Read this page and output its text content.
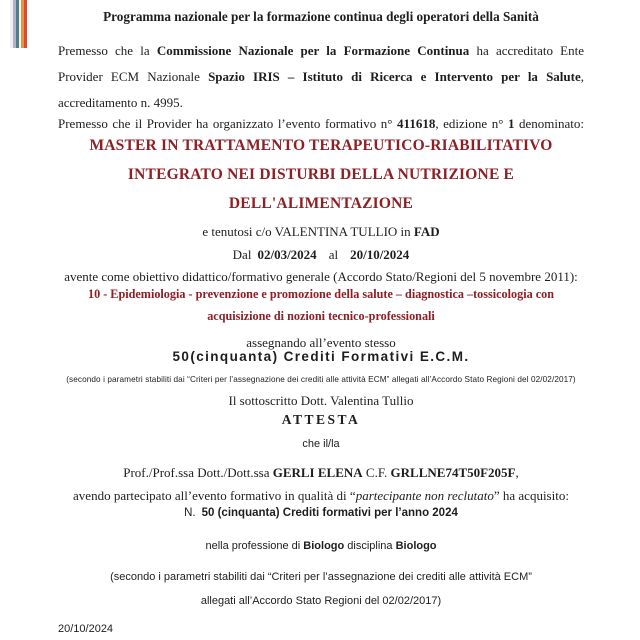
Programma nazionale per la formazione continua degli operatori della Sanità
Premesso che la Commissione Nazionale per la Formazione Continua ha accreditato Ente
Provider ECM Nazionale Spazio IRIS – Istituto di Ricerca e Intervento per la Salute,
accreditamento n. 4995.
Premesso che il Provider ha organizzato l’evento formativo n° 411618, edizione n° 1 denominato:
MASTER IN TRATTAMENTO TERAPEUTICO-RIABILITATIVO
INTEGRATO NEI DISTURBI DELLA NUTRIZIONE E
DELL'ALIMENTAZIONE
e tenutosi c/o VALENTINA TULLIO in FAD
Dal 02/03/2024 al 20/10/2024
avente come obiettivo didattico/formativo generale (Accordo Stato/Regioni del 5 novembre 2011):
10 - Epidemiologia - prevenzione e promozione della salute – diagnostica –tossicologia con
acquisizione di nozioni tecnico-professionali
assegnando all’evento stesso
50(cinquanta) Crediti Formativi E.C.M.
(secondo i parametri stabiliti dai “Criteri per l’assegnazione dei crediti alle attività ECM” allegati all’Accordo Stato Regioni del 02/02/2017)
Il sottoscritto Dott. Valentina Tullio
ATTESTA
che il/la
Prof./Prof.ssa Dott./Dott.ssa GERLI ELENA C.F. GRLLNE74T50F205F,
avendo partecipato all’evento formativo in qualità di “partecipante non reclutato” ha acquisito:
N. 50 (cinquanta) Crediti formativi per l’anno 2024
nella professione di Biologo disciplina Biologo
(secondo i parametri stabiliti dai “Criteri per l’assegnazione dei crediti alle attività ECM”
allegati all’Accordo Stato Regioni del 02/02/2017)
20/10/2024
